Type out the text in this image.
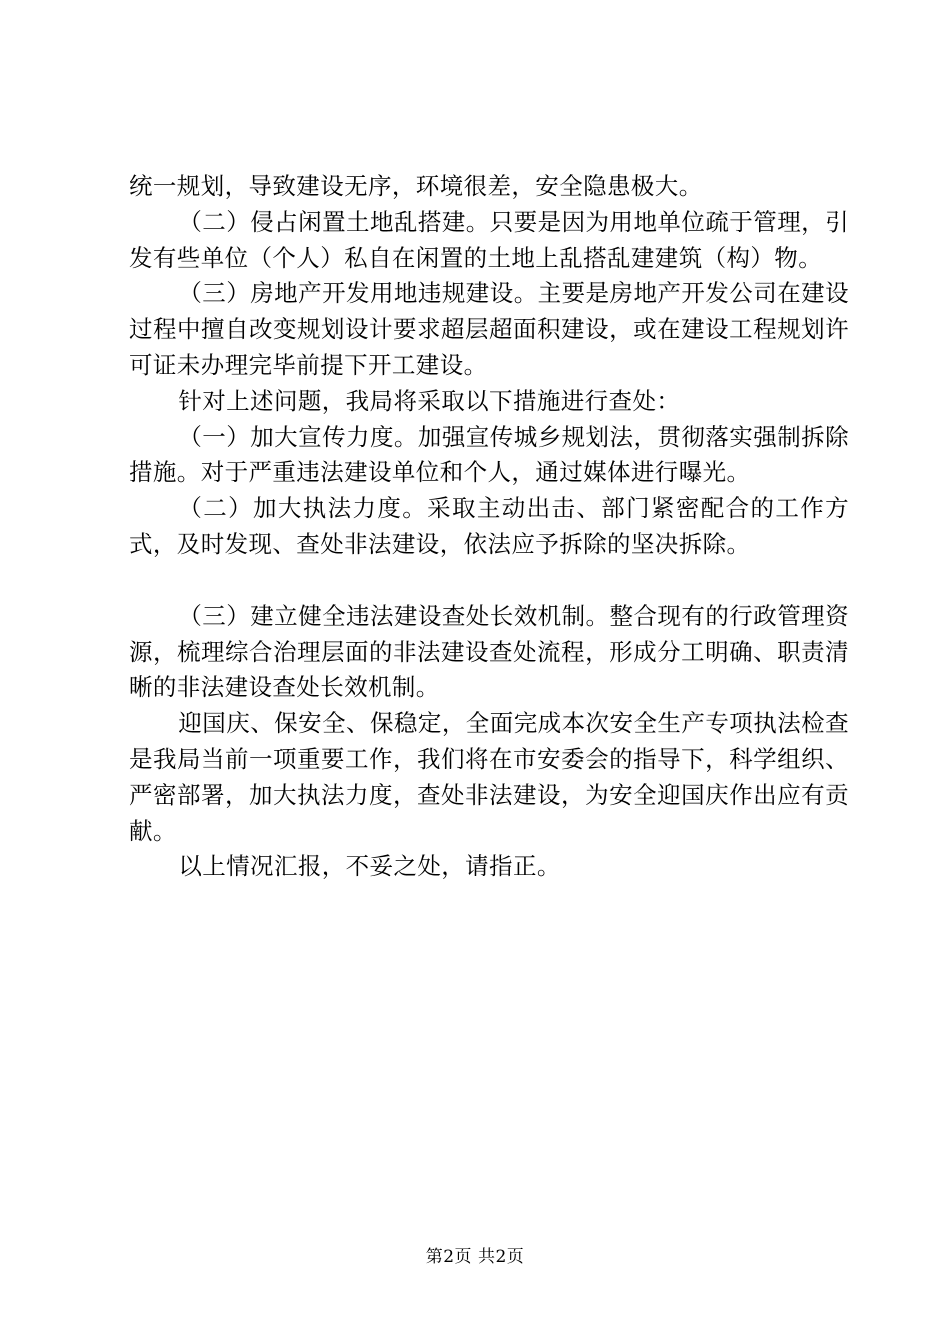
统一规划，导致建设无序，环境很差，安全隐患极大。

（二）侵占闲置土地乱搭建。只要是因为用地单位疏于管理，引发有些单位（个人）私自在闲置的土地上乱搭乱建建筑（构）物。

（三）房地产开发用地违规建设。主要是房地产开发公司在建设过程中擅自改变规划设计要求超层超面积建设，或在建设工程规划许可证未办理完毕前提下开工建设。

针对上述问题，我局将采取以下措施进行查处：

（一）加大宣传力度。加强宣传城乡规划法，贯彻落实强制拆除措施。对于严重违法建设单位和个人，通过媒体进行曝光。

（二）加大执法力度。采取主动出击、部门紧密配合的工作方式，及时发现、查处非法建设，依法应予拆除的坚决拆除。

（三）建立健全违法建设查处长效机制。整合现有的行政管理资源，梳理综合治理层面的非法建设查处流程，形成分工明确、职责清晰的非法建设查处长效机制。

迎国庆、保安全、保稳定，全面完成本次安全生产专项执法检查是我局当前一项重要工作，我们将在市安委会的指导下，科学组织、严密部署，加大执法力度，查处非法建设，为安全迎国庆作出应有贡献。

以上情况汇报，不妥之处，请指正。

第2页 共2页
